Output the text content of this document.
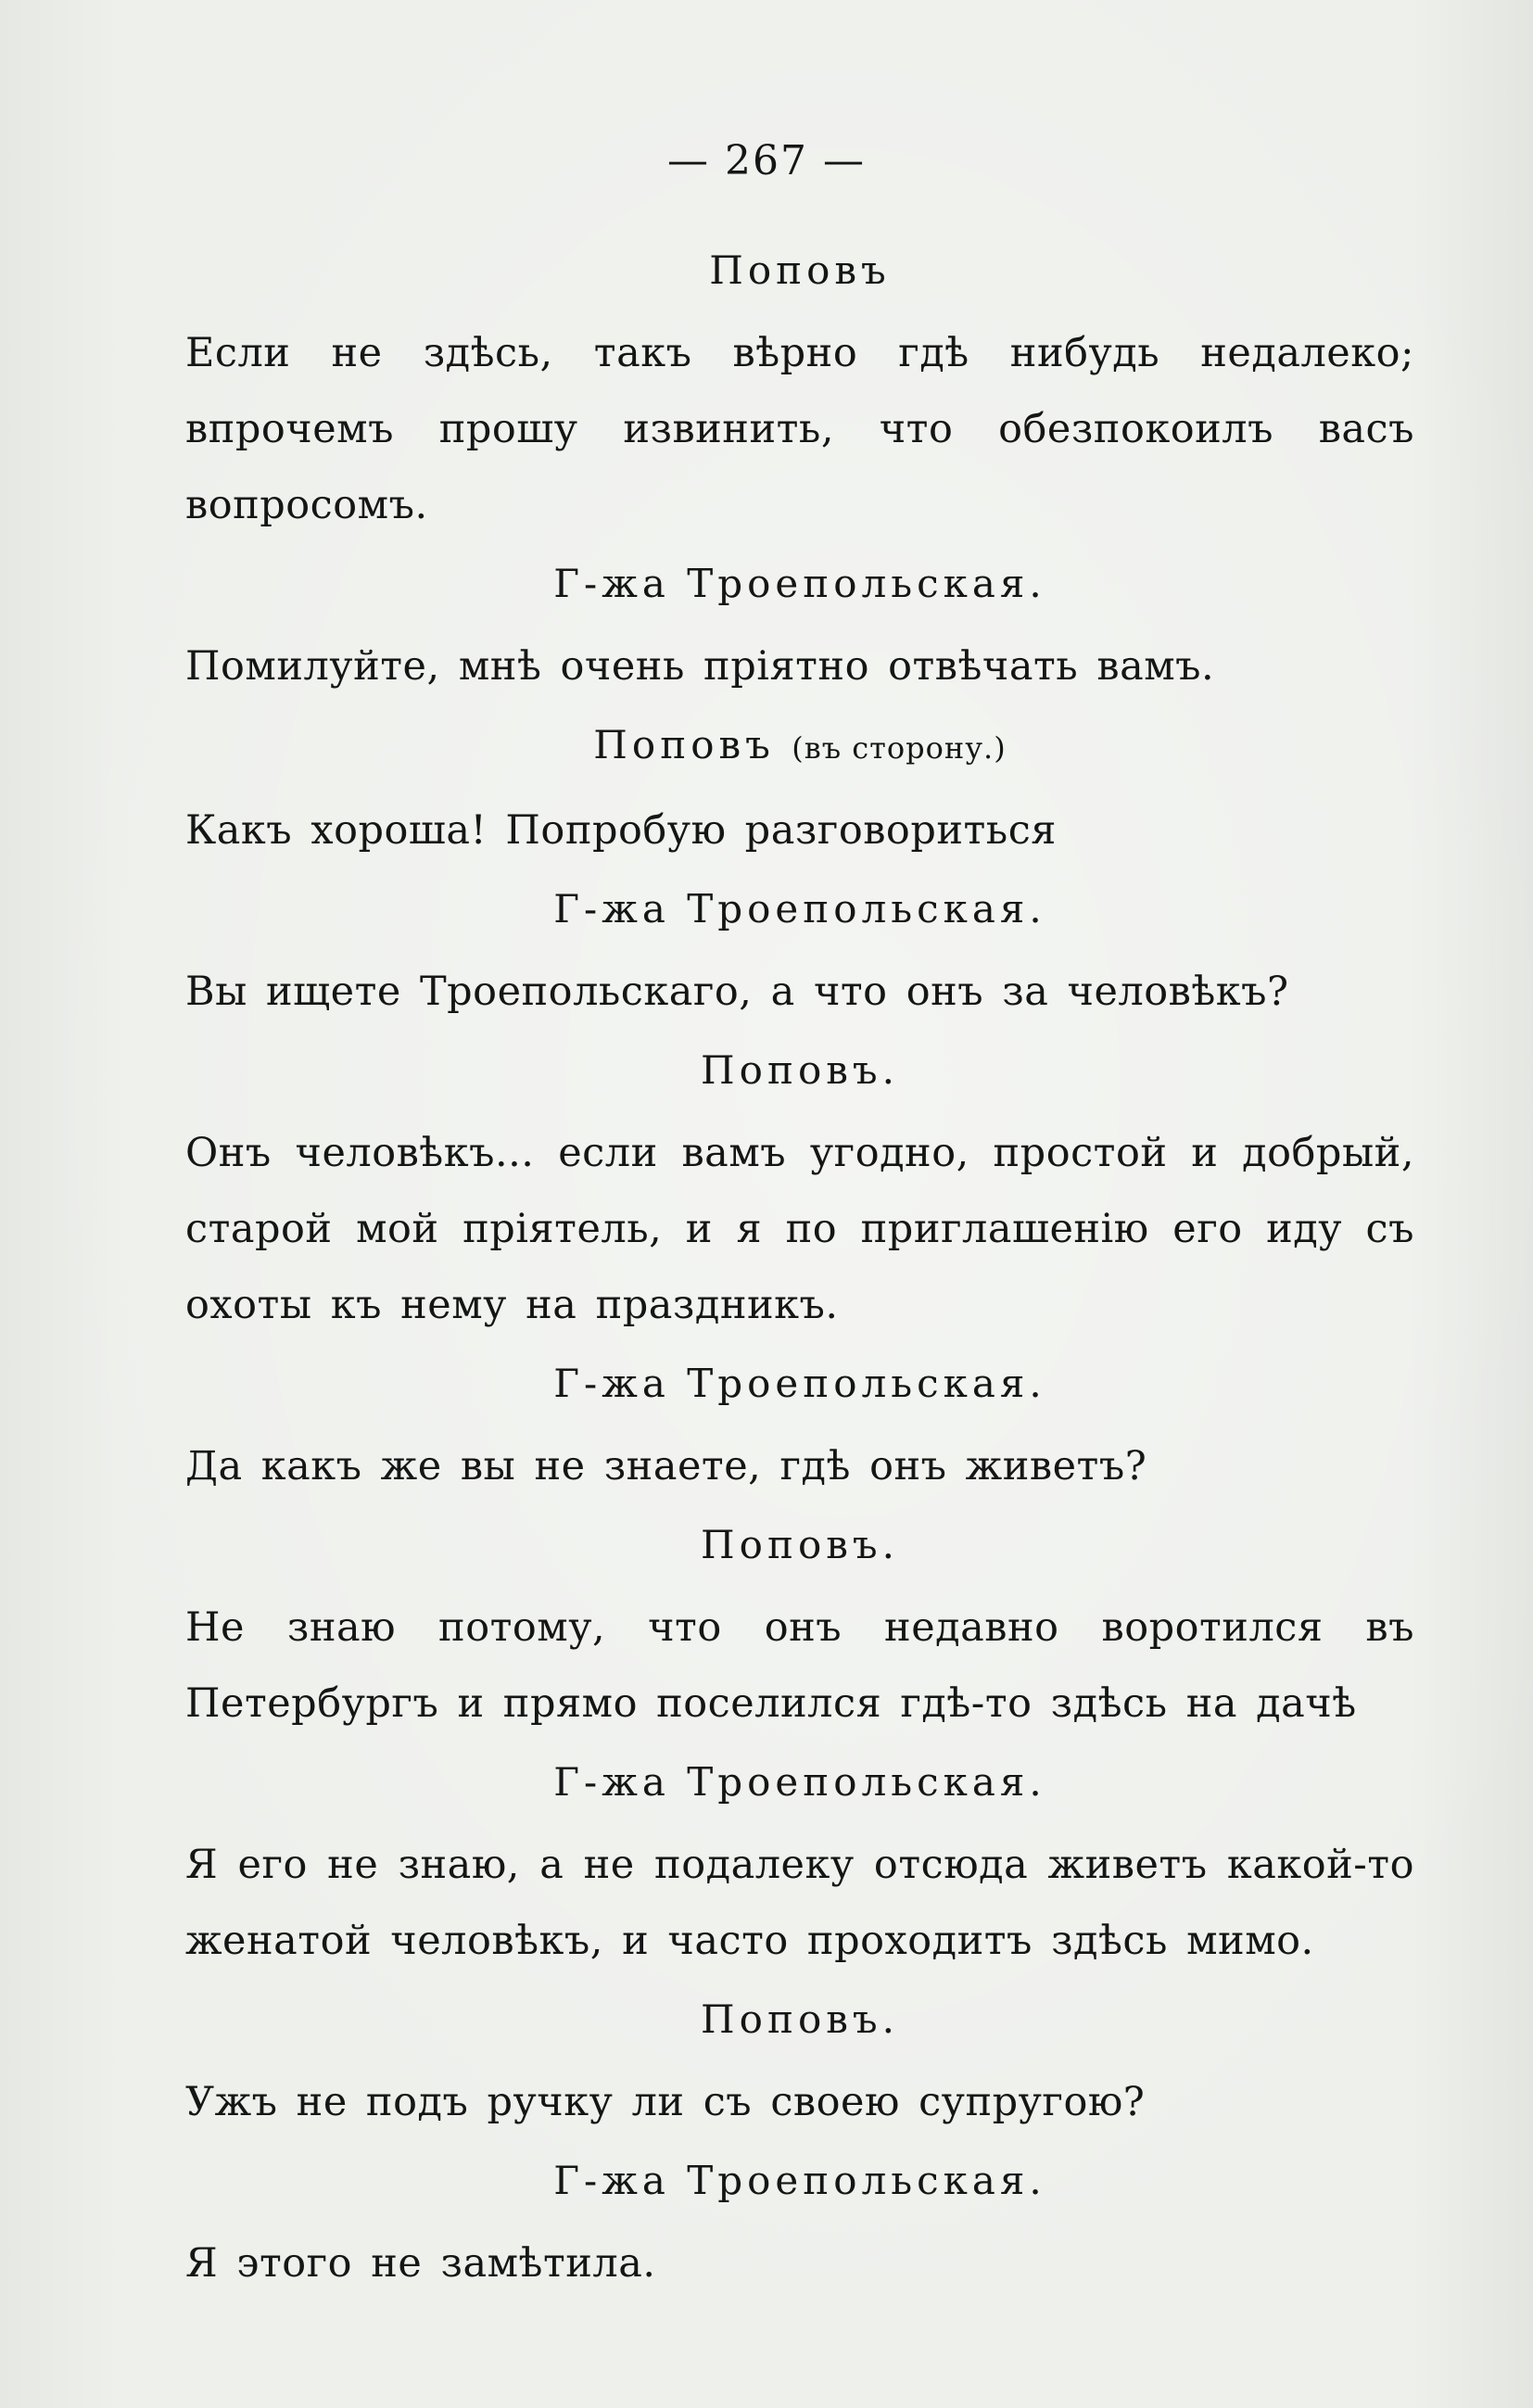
— 267 —
Поповъ
Если не здѣсь, такъ вѣрно гдѣ нибудь недалеко; впрочемъ прошу извинить, что обезпокоилъ васъ вопросомъ.
Г-жа Троепольская.
Помилуйте, мнѣ очень пріятно отвѣчать вамъ.
Поповъ (въ сторону.)
Какъ хороша! Попробую разговориться
Г-жа Троепольская.
Вы ищете Троепольскаго, а что онъ за человѣкъ?
Поповъ.
Онъ человѣкъ... если вамъ угодно, простой и добрый, старой мой пріятель, и я по приглашенію его иду съ охоты къ нему на праздникъ.
Г-жа Троепольская.
Да какъ же вы не знаете, гдѣ онъ живетъ?
Поповъ.
Не знаю потому, что онъ недавно воротился въ Петербургъ и прямо поселился гдѣ-то здѣсь на дачѣ
Г-жа Троепольская.
Я его не знаю, а не подалеку отсюда живетъ какой-то женатой человѣкъ, и часто проходитъ здѣсь мимо.
Поповъ.
Ужъ не подъ ручку ли съ своею супругою?
Г-жа Троепольская.
Я этого не замѣтила.
